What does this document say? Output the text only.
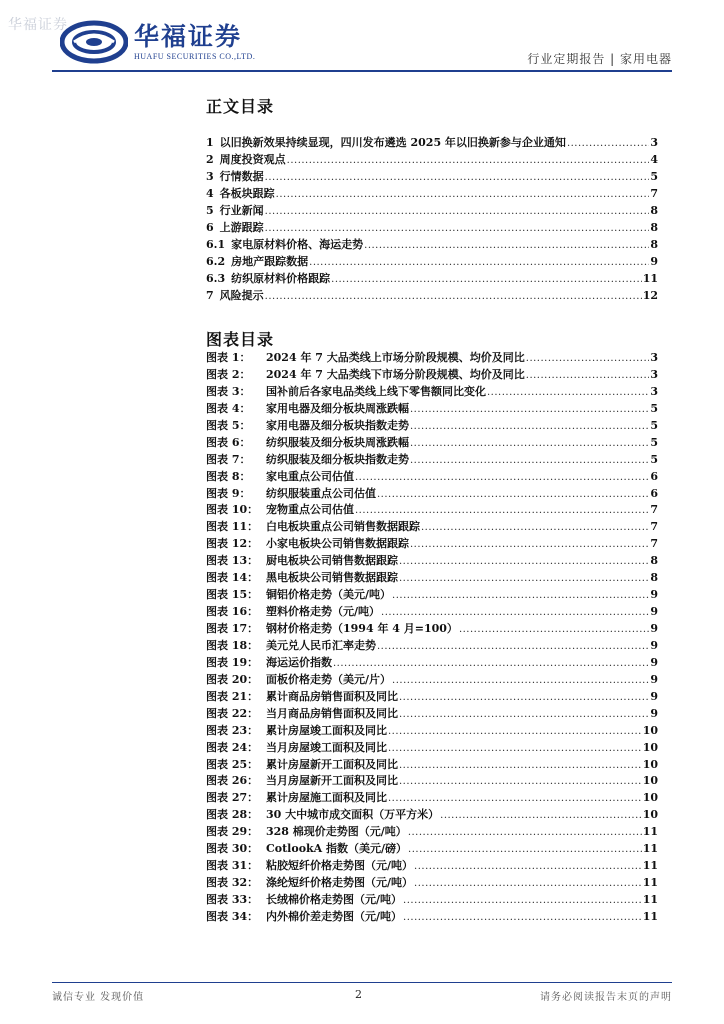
华福证券	华福证券
HUAFU SECURITIES CO.,LTD.	行业定期报告 | 家用电器
正文目录
1 以旧换新效果持续显现，四川发布遴选 2025 年以旧换新参与企业通知 .....	3
2 周度投资观点 .....	4
3 行情数据 .....	5
4 各板块跟踪 .....	7
5 行业新闻 .....	8
6 上游跟踪 .....	8
6.1 家电原材料价格、海运走势 .....	8
6.2 房地产跟踪数据 .....	9
6.3 纺织原材料价格跟踪 .....	11
7 风险提示 .....	12
图表目录
图表 1：	2024 年 7 大品类线上市场分阶段规模、均价及同比 .....	3
图表 2：	2024 年 7 大品类线下市场分阶段规模、均价及同比 .....	3
图表 3：	国补前后各家电品类线上线下零售额同比变化 .....	3
图表 4：	家用电器及细分板块周涨跌幅 .....	5
图表 5：	家用电器及细分板块指数走势 .....	5
图表 6：	纺织服装及细分板块周涨跌幅 .....	5
图表 7：	纺织服装及细分板块指数走势 .....	5
图表 8：	家电重点公司估值 .....	6
图表 9：	纺织服装重点公司估值 .....	6
图表 10： 宠物重点公司估值 .....	7
图表 11： 白电板块重点公司销售数据跟踪 .....	7
图表 12： 小家电板块公司销售数据跟踪 .....	7
图表 13： 厨电板块公司销售数据跟踪 .....	8
图表 14： 黑电板块公司销售数据跟踪 .....	8
图表 15： 铜铝价格走势（美元/吨） .....	9
图表 16： 塑料价格走势（元/吨） .....	9
图表 17： 钢材价格走势（1994 年 4 月=100） .....	9
图表 18： 美元兑人民币汇率走势 .....	9
图表 19： 海运运价指数 .....	9
图表 20： 面板价格走势（美元/片） .....	9
图表 21： 累计商品房销售面积及同比 .....	9
图表 22： 当月商品房销售面积及同比 .....	9
图表 23： 累计房屋竣工面积及同比 .....	10
图表 24： 当月房屋竣工面积及同比 .....	10
图表 25： 累计房屋新开工面积及同比 .....	10
图表 26： 当月房屋新开工面积及同比 .....	10
图表 27： 累计房屋施工面积及同比 .....	10
图表 28： 30 大中城市成交面积（万平方米） .....	10
图表 29： 328 棉现价走势图（元/吨） .....	11
图表 30： CotlookA 指数（美元/磅） .....	11
图表 31： 粘胶短纤价格走势图（元/吨） .....	11
图表 32： 涤纶短纤价格走势图（元/吨） .....	11
图表 33： 长绒棉价格走势图（元/吨） .....	11
图表 34： 内外棉价差走势图（元/吨） .....	11
诚信专业 发现价值	2	请务必阅读报告末页的声明
